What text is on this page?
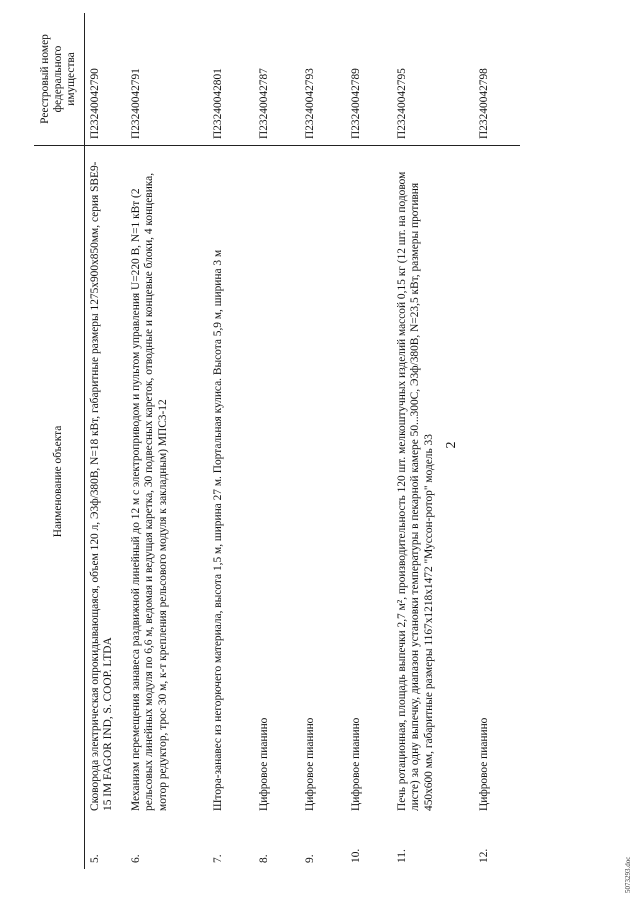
2
	Наименование объекта	Реестровый номер федерального имущества
5.	Сковорода электрическая опрокидывающаяся, объем 120 л, Э3ф/380В, N=18 кВт, габаритные размеры 1275х900х850мм, серия SBE9-15 IM FAGOR IND, S. COOP. LTDA	П23240042790
6.	Механизм перемещения занавеса раздвижной линейный до 12 м с электроприводом и пультом управления U=220 В, N=1 кВт (2 рельсовых линейных модуля по 6,6 м, ведомая и ведущая каретка, 30 подвесных кареток, отводные и концевые блоки, 4 концевика, мотор редуктор, трос 30 м, к-т крепления рельсового модуля к закладным) МПС3-12	П23240042791
7.	Штора-занавес из негорючего материала, высота 1,5 м, ширина 27 м. Портальная кулиса. Высота 5,9 м, ширина 3 м	П23240042801
8.	Цифровое пианино	П23240042787
9.	Цифровое пианино	П23240042793
10.	Цифровое пианино	П23240042789
11.	Печь ротационная, площадь выпечки 2,7 м², производительность 120 шт. мелкоштучных изделий массой 0,15 кг (12 шт. на подовом листе) за одну выпечку, диапазон установки температуры в пекарной камере 50...300С, Э3ф/380В, N=23,5 кВт, размеры противня 450х600 мм, габаритные размеры 1167х1218х1472 "Муссон-ротор" модель 33	П23240042795
12.	Цифровое пианино	П23240042798
5073293.doc
